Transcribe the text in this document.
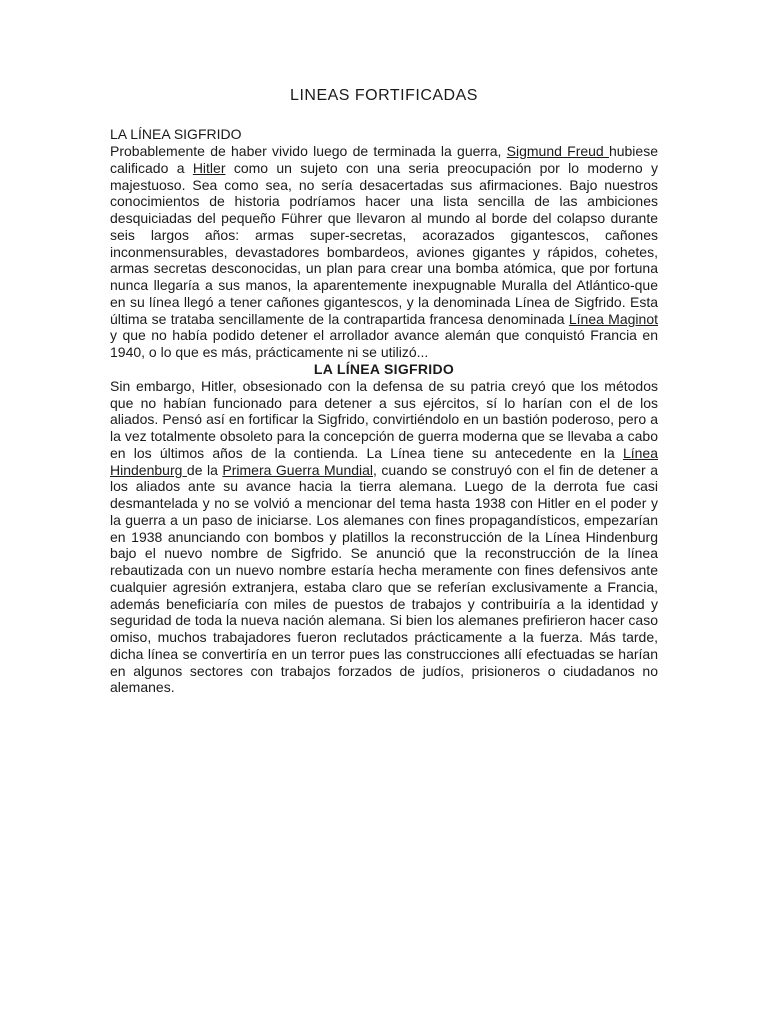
LINEAS FORTIFICADAS
LA LÍNEA SIGFRIDO

Probablemente de haber vivido luego de terminada la guerra, Sigmund Freud hubiese calificado a Hitler como un sujeto con una seria preocupación por lo moderno y majestuoso. Sea como sea, no sería desacertadas sus afirmaciones. Bajo nuestros conocimientos de historia podríamos hacer una lista sencilla de las ambiciones desquiciadas del pequeño Führer que llevaron al mundo al borde del colapso durante seis largos años: armas super-secretas, acorazados gigantescos, cañones inconmensurables, devastadores bombardeos, aviones gigantes y rápidos, cohetes, armas secretas desconocidas, un plan para crear una bomba atómica, que por fortuna nunca llegaría a sus manos, la aparentemente inexpugnable Muralla del Atlántico-que en su línea llegó a tener cañones gigantescos, y la denominada Línea de Sigfrido. Esta última se trataba sencillamente de la contrapartida francesa denominada Línea Maginot y que no había podido detener el arrollador avance alemán que conquistó Francia en 1940, o lo que es más, prácticamente ni se utilizó...

LA LÍNEA SIGFRIDO

Sin embargo, Hitler, obsesionado con la defensa de su patria creyó que los métodos que no habían funcionado para detener a sus ejércitos, sí lo harían con el de los aliados. Pensó así en fortificar la Sigfrido, convirtiéndolo en un bastión poderoso, pero a la vez totalmente obsoleto para la concepción de guerra moderna que se llevaba a cabo en los últimos años de la contienda. La Línea tiene su antecedente en la Línea Hindenburg de la Primera Guerra Mundial, cuando se construyó con el fin de detener a los aliados ante su avance hacia la tierra alemana. Luego de la derrota fue casi desmantelada y no se volvió a mencionar del tema hasta 1938 con Hitler en el poder y la guerra a un paso de iniciarse. Los alemanes con fines propagandísticos, empezarían en 1938 anunciando con bombos y platillos la reconstrucción de la Línea Hindenburg bajo el nuevo nombre de Sigfrido. Se anunció que la reconstrucción de la línea rebautizada con un nuevo nombre estaría hecha meramente con fines defensivos ante cualquier agresión extranjera, estaba claro que se referían exclusivamente a Francia, además beneficiaría con miles de puestos de trabajos y contribuiría a la identidad y seguridad de toda la nueva nación alemana. Si bien los alemanes prefirieron hacer caso omiso, muchos trabajadores fueron reclutados prácticamente a la fuerza. Más tarde, dicha línea se convertiría en un terror pues las construcciones allí efectuadas se harían en algunos sectores con trabajos forzados de judíos, prisioneros o ciudadanos no alemanes.
